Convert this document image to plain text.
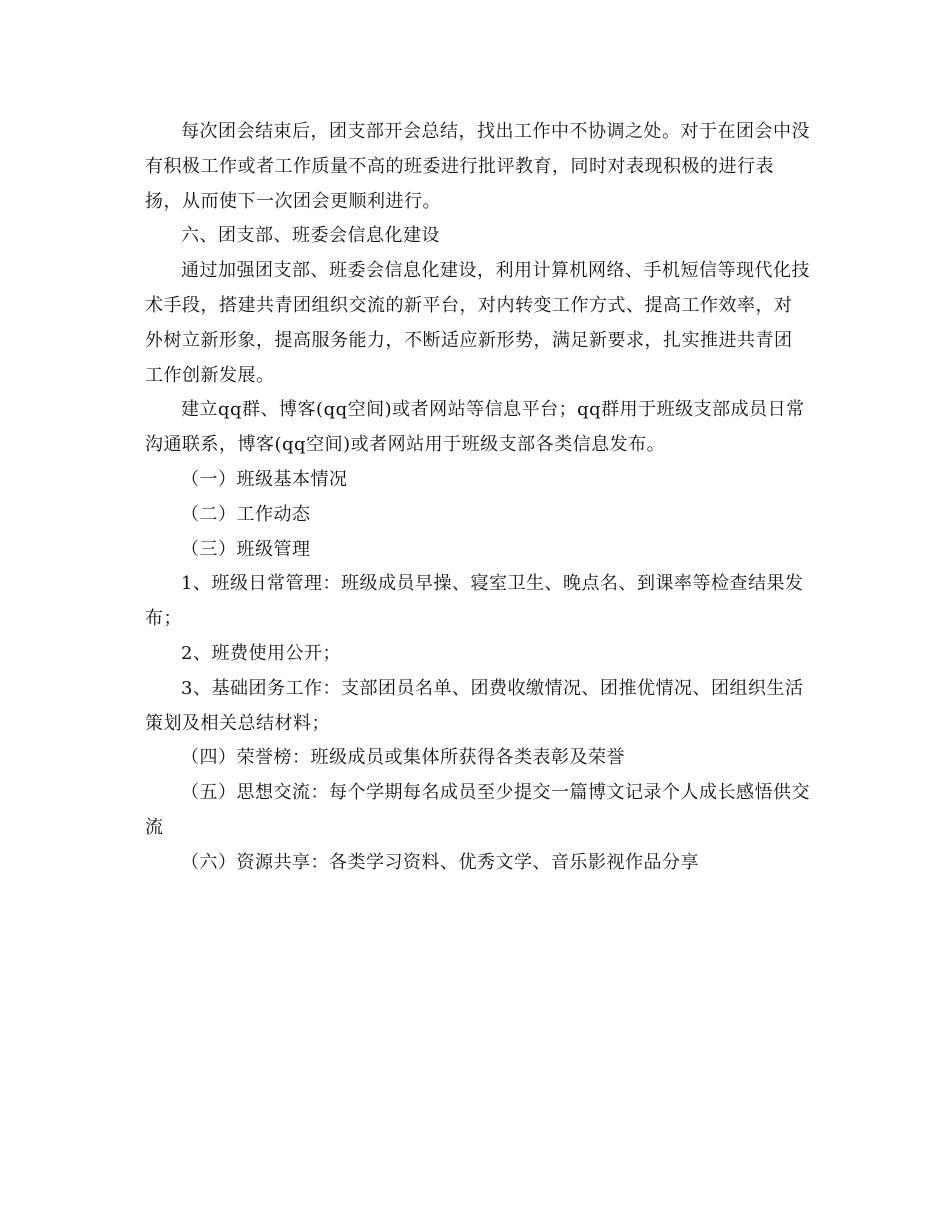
每次团会结束后，团支部开会总结，找出工作中不协调之处。对于在团会中没有积极工作或者工作质量不高的班委进行批评教育，同时对表现积极的进行表扬，从而使下一次团会更顺利进行。

六、团支部、班委会信息化建设

通过加强团支部、班委会信息化建设，利用计算机网络、手机短信等现代化技术手段，搭建共青团组织交流的新平台，对内转变工作方式、提高工作效率，对外树立新形象，提高服务能力，不断适应新形势，满足新要求，扎实推进共青团工作创新发展。

建立qq群、博客(qq空间)或者网站等信息平台；qq群用于班级支部成员日常沟通联系，博客(qq空间)或者网站用于班级支部各类信息发布。

（一）班级基本情况

（二）工作动态

（三）班级管理

1、班级日常管理：班级成员早操、寝室卫生、晚点名、到课率等检查结果发布；

2、班费使用公开；

3、基础团务工作：支部团员名单、团费收缴情况、团推优情况、团组织生活策划及相关总结材料；

（四）荣誉榜：班级成员或集体所获得各类表彰及荣誉

（五）思想交流：每个学期每名成员至少提交一篇博文记录个人成长感悟供交流

（六）资源共享：各类学习资料、优秀文学、音乐影视作品分享
